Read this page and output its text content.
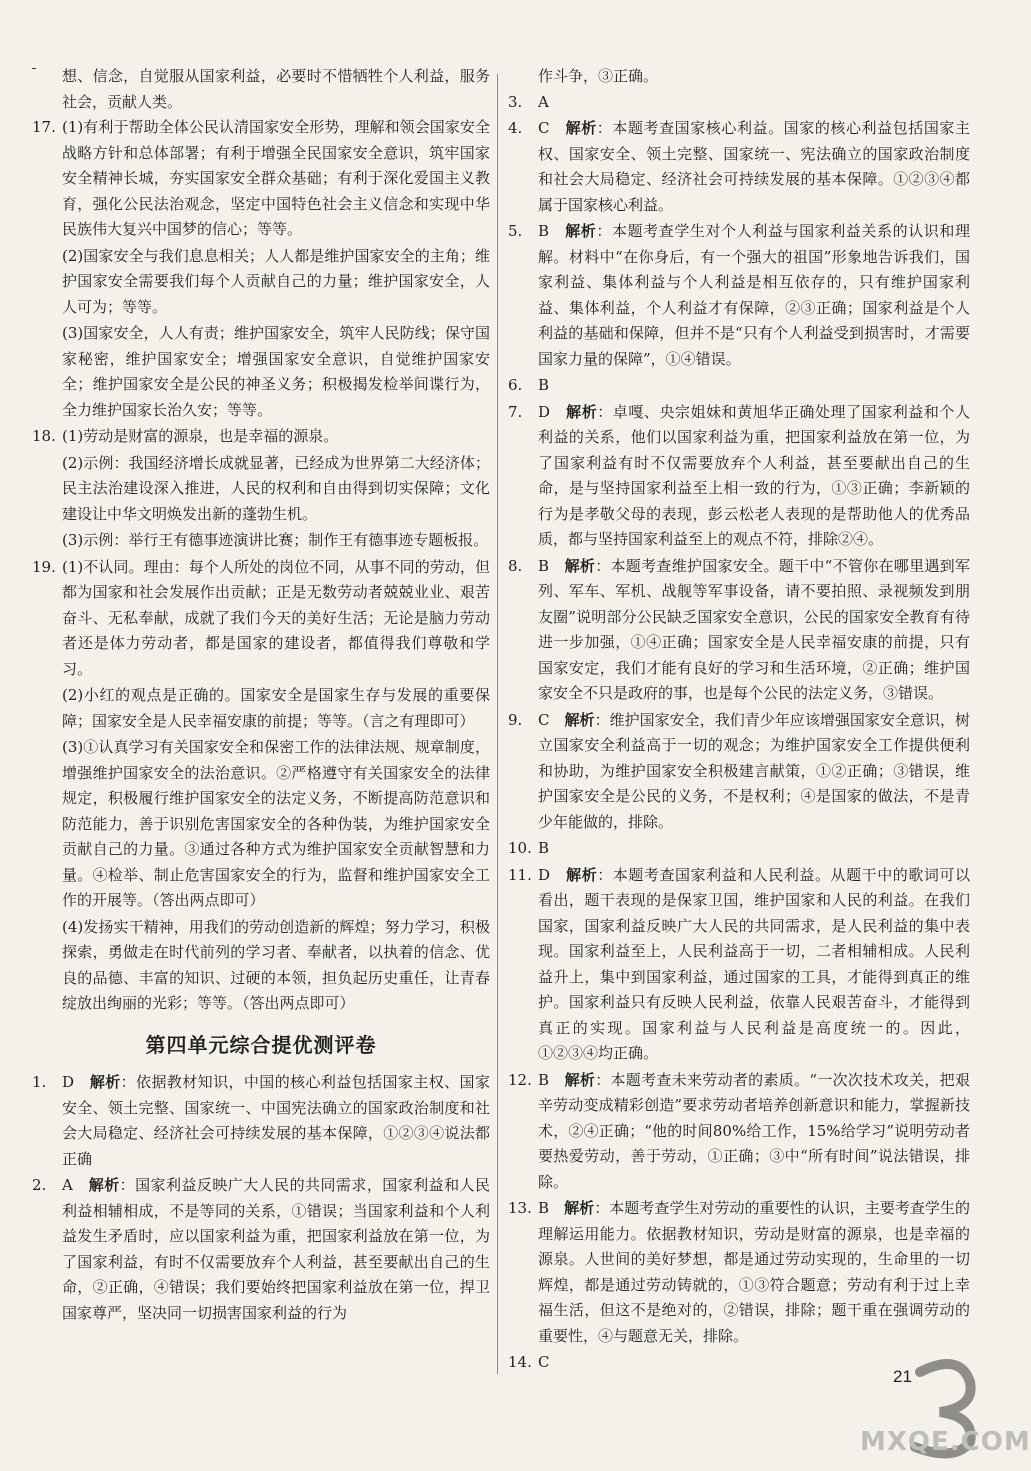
想、信念，自觉服从国家利益，必要时不惜牺牲个人利益，服务社会，贡献人类。
17. (1)有利于帮助全体公民认清国家安全形势，理解和领会国家安全战略方针和总体部署；有利于增强全民国家安全意识，筑牢国家安全精神长城，夯实国家安全群众基础；有利于深化爱国主义教育，强化公民法治观念，坚定中国特色社会主义信念和实现中华民族伟大复兴中国梦的信心；等等。

(2)国家安全与我们息息相关；人人都是维护国家安全的主角；维护国家安全需要我们每个人贡献自己的力量；维护国家安全，人人可为；等等。

(3)国家安全，人人有责；维护国家安全，筑牢人民防线；保守国家秘密，维护国家安全；增强国家安全意识，自觉维护国家安全；维护国家安全是公民的神圣义务；积极揭发检举间谍行为，全力维护国家长治久安；等等。

18. (1)劳动是财富的源泉，也是幸福的源泉。

(2)示例：我国经济增长成就显著，已经成为世界第二大经济体；民主法治建设深入推进，人民的权利和自由得到切实保障；文化建设让中华文明焕发出新的蓬勃生机。

(3)示例：举行王有德事迹演讲比赛；制作王有德事迹专题板报。

19. (1)不认同。理由：每个人所处的岗位不同，从事不同的劳动，但都为国家和社会发展作出贡献；正是无数劳动者兢兢业业、艰苦奋斗、无私奉献，成就了我们今天的美好生活；无论是脑力劳动者还是体力劳动者，都是国家的建设者，都值得我们尊敬和学习。

(2)小红的观点是正确的。国家安全是国家生存与发展的重要保障；国家安全是人民幸福安康的前提；等等。（言之有理即可）

(3)①认真学习有关国家安全和保密工作的法律法规、规章制度，增强维护国家安全的法治意识。②严格遵守有关国家安全的法律规定，积极履行维护国家安全的法定义务，不断提高防范意识和防范能力，善于识别危害国家安全的各种伪装，为维护国家安全贡献自己的力量。③通过各种方式为维护国家安全贡献智慧和力量。④检举、制止危害国家安全的行为，监督和维护国家安全工作的开展等。（答出两点即可）

(4)发扬实干精神，用我们的劳动创造新的辉煌；努力学习，积极探索，勇做走在时代前列的学习者、奉献者，以执着的信念、优良的品德、丰富的知识、过硬的本领，担负起历史重任，让青春绽放出绚丽的光彩；等等。（答出两点即可）

第四单元综合提优测评卷
1. D　 解析：依据教材知识，中国的核心利益包括国家主权、国家安全、领土完整、国家统一、中国宪法确立的国家政治制度和社会大局稳定、经济社会可持续发展的基本保障，①②③④说法都正确

2. A　 解析：国家利益反映广大人民的共同需求，国家利益和人民利益相辅相成，不是等同的关系，①错误；当国家利益和个人利益发生矛盾时，应以国家利益为重，把国家利益放在第一位，为了国家利益，有时不仅需要放弃个人利益，甚至要献出自己的生命，②正确，④错误；我们要始终把国家利益放在第一位，捍卫国家尊严，坚决同一切损害国家利益的行为

作斗争，③正确。
3. A

4. C　 解析：本题考查国家核心利益。国家的核心利益包括国家主权、国家安全、领土完整、国家统一、宪法确立的国家政治制度和社会大局稳定、经济社会可持续发展的基本保障。①②③④都属于国家核心利益。

5. B　 解析：本题考查学生对个人利益与国家利益关系的认识和理解。材料中“在你身后，有一个强大的祖国”形象地告诉我们，国家利益、集体利益与个人利益是相互依存的，只有维护国家利益、集体利益，个人利益才有保障，②③正确；国家利益是个人利益的基础和保障，但并不是“只有个人利益受到损害时，才需要国家力量的保障”，①④错误。

6. B

7. D　 解析：卓嘎、央宗姐妹和黄旭华正确处理了国家利益和个人利益的关系，他们以国家利益为重，把国家利益放在第一位，为了国家利益有时不仅需要放弃个人利益，甚至要献出自己的生命，是与坚持国家利益至上相一致的行为，①③正确；李新颖的行为是孝敬父母的表现，彭云松老人表现的是帮助他人的优秀品质，都与坚持国家利益至上的观点不符，排除②④。

8. B　 解析：本题考查维护国家安全。题干中“不管你在哪里遇到军列、军车、军机、战舰等军事设备，请不要拍照、录视频发到朋友圈”说明部分公民缺乏国家安全意识，公民的国家安全教育有待进一步加强，①④正确；国家安全是人民幸福安康的前提，只有国家安定，我们才能有良好的学习和生活环境，②正确；维护国家安全不只是政府的事，也是每个公民的法定义务，③错误。

9. C　 解析：维护国家安全，我们青少年应该增强国家安全意识，树立国家安全利益高于一切的观念；为维护国家安全工作提供便利和协助，为维护国家安全积极建言献策，①②正确；③错误，维护国家安全是公民的义务，不是权利；④是国家的做法，不是青少年能做的，排除。

10. B

11. D　 解析：本题考查国家利益和人民利益。从题干中的歌词可以看出，题干表现的是保家卫国，维护国家和人民的利益。在我们国家，国家利益反映广大人民的共同需求，是人民利益的集中表现。国家利益至上，人民利益高于一切，二者相辅相成。人民利益升上，集中到国家利益，通过国家的工具，才能得到真正的维护。国家利益只有反映人民利益，依靠人民艰苦奋斗，才能得到真正的实现。国家利益与人民利益是高度统一的。因此，①②③④均正确。

12. B　 解析：本题考查未来劳动者的素质。“一次次技术攻关，把艰辛劳动变成精彩创造”要求劳动者培养创新意识和能力，掌握新技术，②④正确；“他的时间80%给工作，15%给学习”说明劳动者要热爱劳动，善于劳动，①正确；③中“所有时间”说法错误，排除。

13. B　 解析：本题考查学生对劳动的重要性的认识，主要考查学生的理解运用能力。依据教材知识，劳动是财富的源泉，也是幸福的源泉。人世间的美好梦想，都是通过劳动实现的，生命里的一切辉煌，都是通过劳动铸就的，①③符合题意；劳动有利于过上幸福生活，但这不是绝对的，②错误，排除；题干重在强调劳动的重要性，④与题意无关，排除。

14. C

21
MXQE.COM
